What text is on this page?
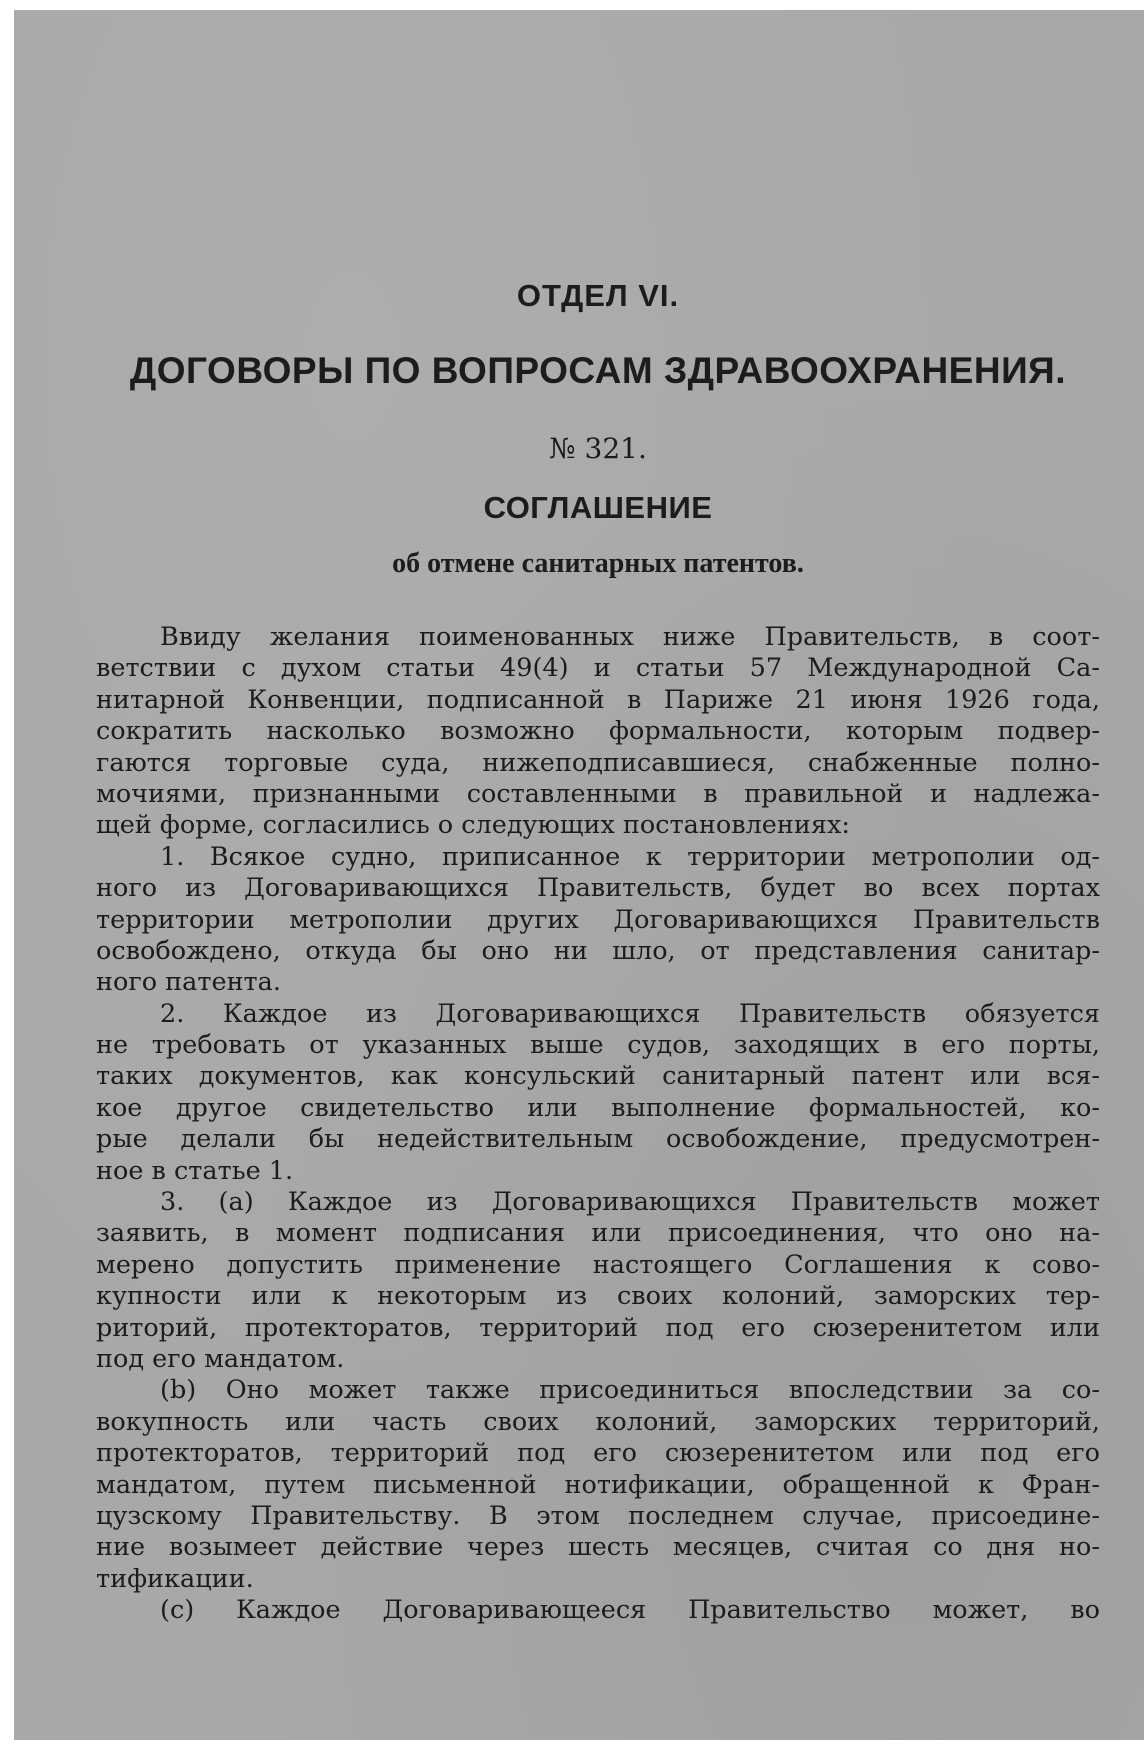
ОТДЕЛ VI.
ДОГОВОРЫ ПО ВОПРОСАМ ЗДРАВООХРАНЕНИЯ.
№ 321.
СОГЛАШЕНИЕ
об отмене санитарных патентов.
Ввиду желания поименованных ниже Правительств, в соот-
ветствии с духом статьи 49(4) и статьи 57 Международной Са-
нитарной Конвенции, подписанной в Париже 21 июня 1926 года,
сократить насколько возможно формальности, которым подвер-
гаются торговые суда, нижеподписавшиеся, снабженные полно-
мочиями, признанными составленными в правильной и надлежа-
щей форме, согласились о следующих постановлениях:
1. Всякое судно, приписанное к территории метрополии од-
ного из Договаривающихся Правительств, будет во всех портах
территории метрополии других Договаривающихся Правительств
освобождено, откуда бы оно ни шло, от представления санитар-
ного патента.
2. Каждое из Договаривающихся Правительств обязуется
не требовать от указанных выше судов, заходящих в его порты,
таких документов, как консульский санитарный патент или вся-
кое другое свидетельство или выполнение формальностей, ко-
рые делали бы недействительным освобождение, предусмотрен-
ное в статье 1.
3. (а) Каждое из Договаривающихся Правительств может
заявить, в момент подписания или присоединения, что оно на-
мерено допустить применение настоящего Соглашения к сово-
купности или к некоторым из своих колоний, заморских тер-
риторий, протекторатов, территорий под его сюзеренитетом или
под его мандатом.
(b) Оно может также присоединиться впоследствии за со-
вокупность или часть своих колоний, заморских территорий,
протекторатов, территорий под его сюзеренитетом или под его
мандатом, путем письменной нотификации, обращенной к Фран-
цузскому Правительству. В этом последнем случае, присоедине-
ние возымеет действие через шесть месяцев, считая со дня но-
тификации.
(c) Каждое Договаривающееся Правительство может, во
